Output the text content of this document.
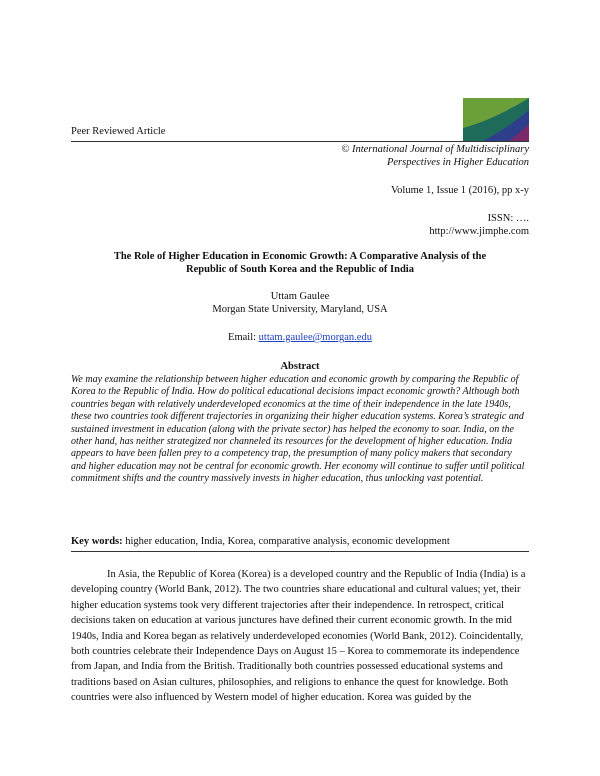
Peer Reviewed Article
© International Journal of Multidisciplinary
Perspectives in Higher Education
Volume 1, Issue 1 (2016), pp x-y
ISSN: ….
http://www.jimphe.com
The Role of Higher Education in Economic Growth: A Comparative Analysis of the
Republic of South Korea and the Republic of India
Uttam Gaulee
Morgan State University, Maryland, USA
Email: uttam.gaulee@morgan.edu
Abstract

We may examine the relationship between higher education and economic growth by comparing the Republic of Korea to the Republic of India. How do political educational decisions impact economic growth? Although both countries began with relatively underdeveloped economics at the time of their independence in the late 1940s, these two countries took different trajectories in organizing their higher education systems. Korea’s strategic and sustained investment in education (along with the private sector) has helped the economy to soar. India, on the other hand, has neither strategized nor channeled its resources for the development of higher education. India appears to have been fallen prey to a competency trap, the presumption of many policy makers that secondary and higher education may not be central for economic growth. Her economy will continue to suffer until political commitment shifts and the country massively invests in higher education, thus unlocking vast potential.

Key words: higher education, India, Korea, comparative analysis, economic development

In Asia, the Republic of Korea (Korea) is a developed country and the Republic of India (India) is a developing country (World Bank, 2012). The two countries share educational and cultural values; yet, their higher education systems took very different trajectories after their independence. In retrospect, critical decisions taken on education at various junctures have defined their current economic growth. In the mid 1940s, India and Korea began as relatively underdeveloped economies (World Bank, 2012). Coincidentally, both countries celebrate their Independence Days on August 15 – Korea to commemorate its independence from Japan, and India from the British. Traditionally both countries possessed educational systems and traditions based on Asian cultures, philosophies, and religions to enhance the quest for knowledge. Both countries were also influenced by Western model of higher education. Korea was guided by the
